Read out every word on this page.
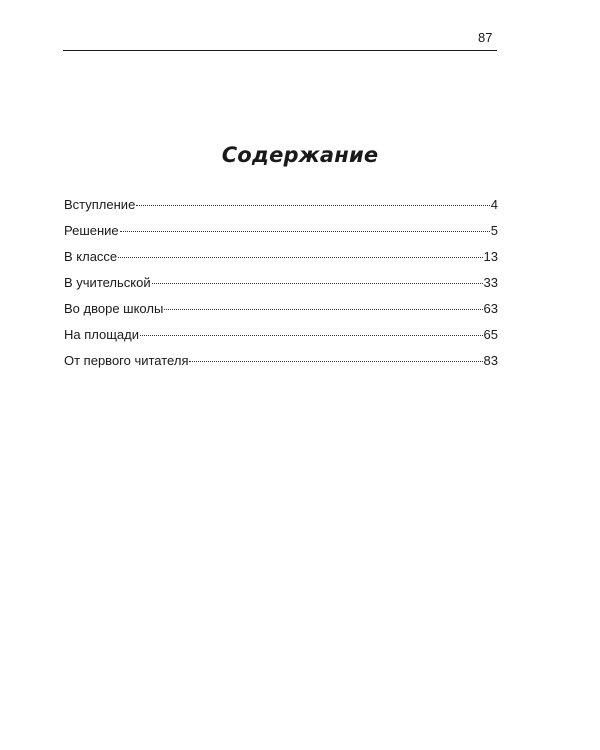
87
Содержание
Вступление	4
Решение	5
В классе	13
В учительской	33
Во дворе школы	63
На площади	65
От первого читателя	83
